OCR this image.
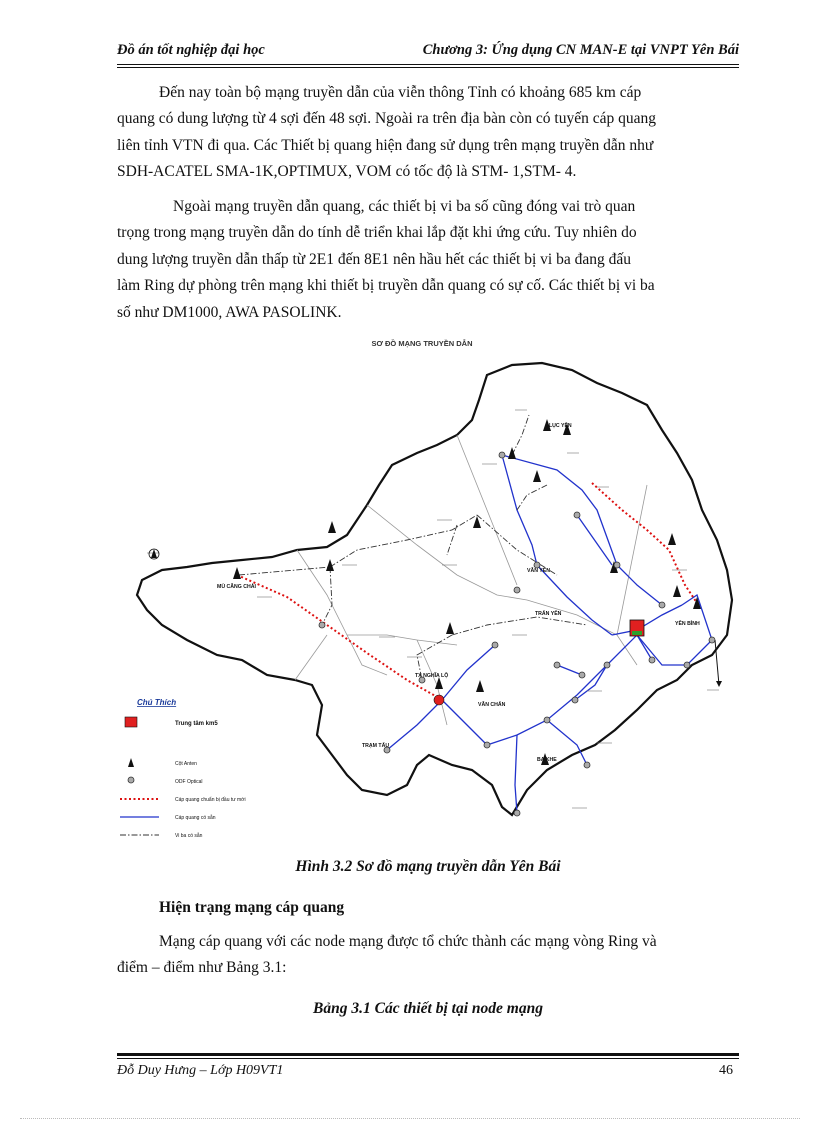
Đồ án tốt nghiệp đại học	Chương 3: Ứng dụng CN MAN-E tại VNPT Yên Bái

Đến nay toàn bộ mạng truyền dẫn của viễn thông Tỉnh có khoảng 685 km cáp
quang có dung lượng từ 4 sợi đến 48 sợi. Ngoài ra trên địa bàn còn có tuyến cáp quang
liên tỉnh VTN đi qua. Các Thiết bị quang hiện đang sử dụng trên mạng truyền dẫn như
SDH-ACATEL SMA-1K,OPTIMUX, VOM có tốc độ là STM- 1,STM- 4.

Ngoài mạng truyền dẫn quang, các thiết bị vi ba số cũng đóng vai trò quan
trọng trong mạng truyền dẫn do tính dễ triển khai lắp đặt khi ứng cứu. Tuy nhiên do
dung lượng truyền dẫn thấp từ 2E1 đến 8E1 nên hầu hết các thiết bị vi ba đang đấu
làm Ring dự phòng trên mạng khi thiết bị truyền dẫn quang có sự cố. Các thiết bị vi ba
số như DM1000, AWA PASOLINK.

SƠ ĐỒ MẠNG TRUYỀN DẪN
MÙ CĂNG CHẢI
VĂN YÊN
LỤC YÊN
TRẤN YÊN
YÊN BÌNH
TX NGHĨA LỘ
VĂN CHẤN
TRẠM TẤU
BA KHE
Chú Thích
Trung tâm km5
Cột Anten
ODF Optical
Cáp quang chuẩn bị đầu tư mới
Cáp quang có sẵn
Vi ba có sẵn
Hình 3.2 Sơ đồ mạng truyền dẫn Yên Bái
Hiện trạng mạng cáp quang

Mạng cáp quang với các node mạng được tổ chức thành các mạng vòng Ring và
điểm – điểm như Bảng 3.1:

Bảng 3.1 Các thiết bị tại node mạng
Đỗ Duy Hưng – Lớp H09VT1	46
